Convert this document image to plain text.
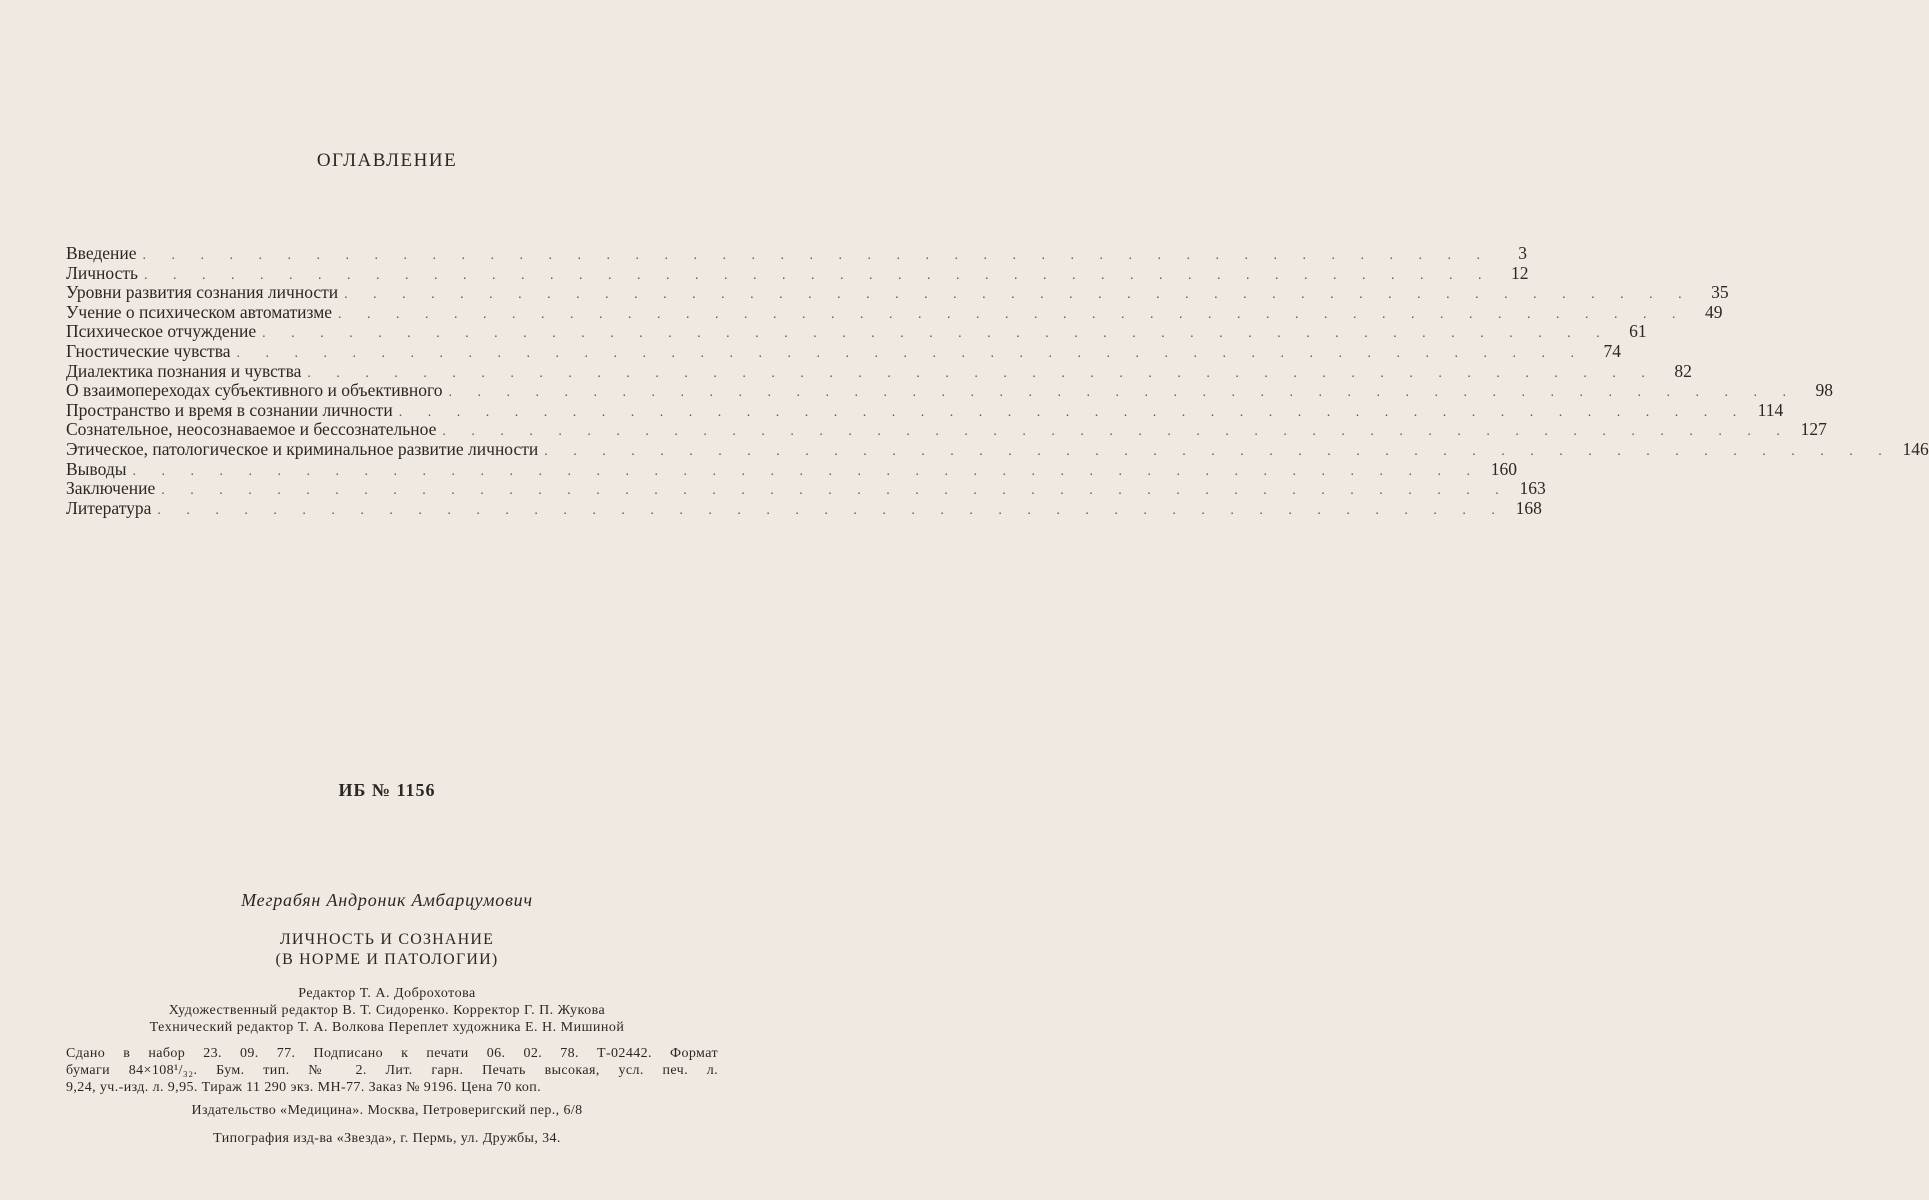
ОГЛАВЛЕНИЕ
Введение . . . . . . . . . . . . . . . . . . . . . . . . . . . . . . . . . . . . . . . . . . . . . . .	3
Личность . . . . . . . . . . . . . . . . . . . . . . . . . . . . . . . . . . . . . . . . . . . . . . .	12
Уровни развития сознания личности . . . . . . . . . . . . . . . . . . . . . . . . . . . . . . . . . . . . . . . . . . . . . . .	35
Учение о психическом автоматизме . . . . . . . . . . . . . . . . . . . . . . . . . . . . . . . . . . . . . . . . . . . . . . .	49
Психическое отчуждение . . . . . . . . . . . . . . . . . . . . . . . . . . . . . . . . . . . . . . . . . . . . . . .	61
Гностические чувства . . . . . . . . . . . . . . . . . . . . . . . . . . . . . . . . . . . . . . . . . . . . . . .	74
Диалектика познания и чувства . . . . . . . . . . . . . . . . . . . . . . . . . . . . . . . . . . . . . . . . . . . . . . .	82
О взаимопереходах субъективного и объективного . . . . . . . . . . . . . . . . . . . . . . . . . . . . . . . . . . . . . . . . . . . . . . .	98
Пространство и время в сознании личности . . . . . . . . . . . . . . . . . . . . . . . . . . . . . . . . . . . . . . . . . . . . . . . 114
Сознательное, неосознаваемое и бессознательное . . . . . . . . . . . . . . . . . . . . . . . . . . . . . . . . . . . . . . . . . . . . . . . 127
Этическое, патологическое и криминальное развитие личности . . . . . . . . . . . . . . . . . . . . . . . . . . . . . . . . . . . . . . . . . . . . . . . 146
Выводы . . . . . . . . . . . . . . . . . . . . . . . . . . . . . . . . . . . . . . . . . . . . . . . 160
Заключение . . . . . . . . . . . . . . . . . . . . . . . . . . . . . . . . . . . . . . . . . . . . . . . 163
Литература . . . . . . . . . . . . . . . . . . . . . . . . . . . . . . . . . . . . . . . . . . . . . . . 168
ИБ № 1156
Меграбян Андроник Амбарцумович
ЛИЧНОСТЬ И СОЗНАНИЕ
(В НОРМЕ И ПАТОЛОГИИ)
Редактор Т. А. Доброхотова
Художественный редактор В. Т. Сидоренко. Корректор Г. П. Жукова
Технический редактор Т. А. Волкова Переплет художника Е. Н. Мишиной
Сдано в набор 23. 09. 77. Подписано к печати 06. 02. 78. Т-02442. Формат
бумаги 84×108¹/₃₂. Бум. тип. № 2. Лит. гарн. Печать высокая, усл. печ. л.
9,24, уч.-изд. л. 9,95. Тираж 11 290 экз. МН-77. Заказ № 9196. Цена 70 коп.
Издательство «Медицина». Москва, Петроверигский пер., 6/8
Типография изд-ва «Звезда», г. Пермь, ул. Дружбы, 34.
